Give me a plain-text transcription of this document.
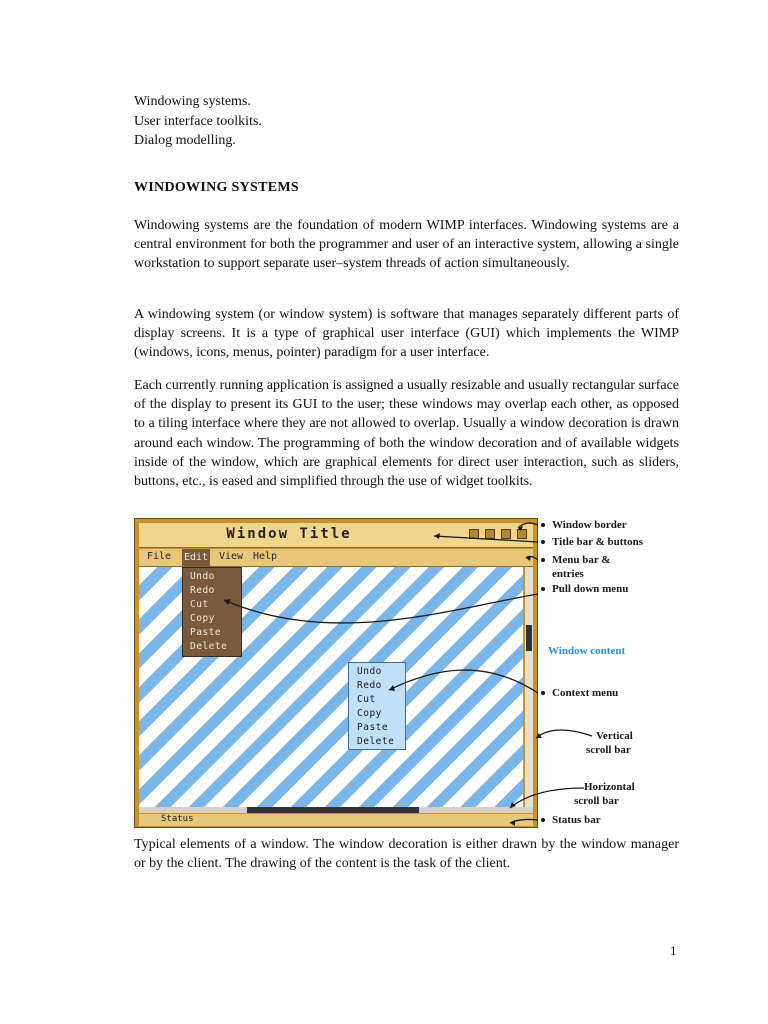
Windowing systems.
User interface toolkits.
Dialog modelling.
WINDOWING SYSTEMS

Windowing systems are the foundation of modern WIMP interfaces. Windowing systems are a central environment for both the programmer and user of an interactive system, allowing a single workstation to support separate user–system threads of action simultaneously.

A windowing system (or window system) is software that manages separately different parts of display screens. It is a type of graphical user interface (GUI) which implements the WIMP (windows, icons, menus, pointer) paradigm for a user interface.

Each currently running application is assigned a usually resizable and usually rectangular surface of the display to present its GUI to the user; these windows may overlap each other, as opposed to a tiling interface where they are not allowed to overlap. Usually a window decoration is drawn around each window. The programming of both the window decoration and of available widgets inside of the window, which are graphical elements for direct user interaction, such as sliders, buttons, etc., is eased and simplified through the use of widget toolkits.

Window Title
File Edit View Help
Status
Undo
Redo
Cut
Copy
Paste
Delete
Undo
Redo
Cut
Copy
Paste
Delete
Window border
Title bar & buttons
Menu bar &
entries
Pull down menu
Window content
Context menu
Vertical
scroll bar
Horizontal
scroll bar
Status bar

Typical elements of a window. The window decoration is either drawn by the window manager or by the client. The drawing of the content is the task of the client.

1
